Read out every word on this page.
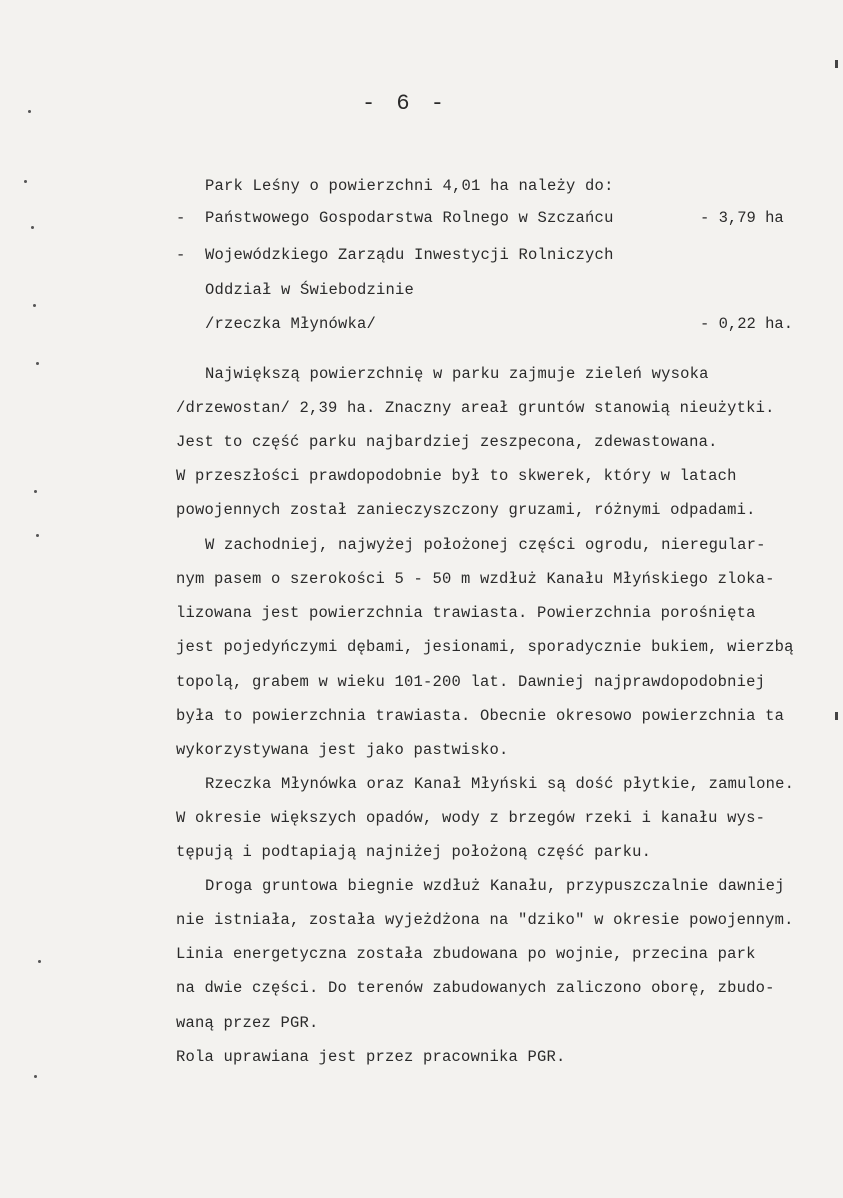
- 6 -
Park Leśny o powierzchni 4,01 ha należy do:
- Państwowego Gospodarstwa Rolnego w Szczańcu	- 3,79 ha
- Wojewódzkiego Zarządu Inwestycji Rolniczych
Oddział w Świebodzinie
/rzeczka Młynówka/	- 0,22 ha.
Największą powierzchnię w parku zajmuje zieleń wysoka
/drzewostan/ 2,39 ha. Znaczny areał gruntów stanowią nieużytki.
Jest to część parku najbardziej zeszpecona, zdewastowana.
W przeszłości prawdopodobnie był to skwerek, który w latach
powojennych został zanieczyszczony gruzami, różnymi odpadami.
W zachodniej, najwyżej położonej części ogrodu, nieregular-
nym pasem o szerokości 5 - 50 m wzdłuż Kanału Młyńskiego zloka-
lizowana jest powierzchnia trawiasta. Powierzchnia porośnięta
jest pojedyńczymi dębami, jesionami, sporadycznie bukiem, wierzbą
topolą, grabem w wieku 101-200 lat. Dawniej najprawdopodobniej
była to powierzchnia trawiasta. Obecnie okresowo powierzchnia ta
wykorzystywana jest jako pastwisko.
Rzeczka Młynówka oraz Kanał Młyński są dość płytkie, zamulone.
W okresie większych opadów, wody z brzegów rzeki i kanału wys-
tępują i podtapiają najniżej położoną część parku.
Droga gruntowa biegnie wzdłuż Kanału, przypuszczalnie dawniej
nie istniała, została wyjeżdżona na "dziko" w okresie powojennym.
Linia energetyczna została zbudowana po wojnie, przecina park
na dwie części. Do terenów zabudowanych zaliczono oborę, zbudo-
waną przez PGR.
Rola uprawiana jest przez pracownika PGR.
